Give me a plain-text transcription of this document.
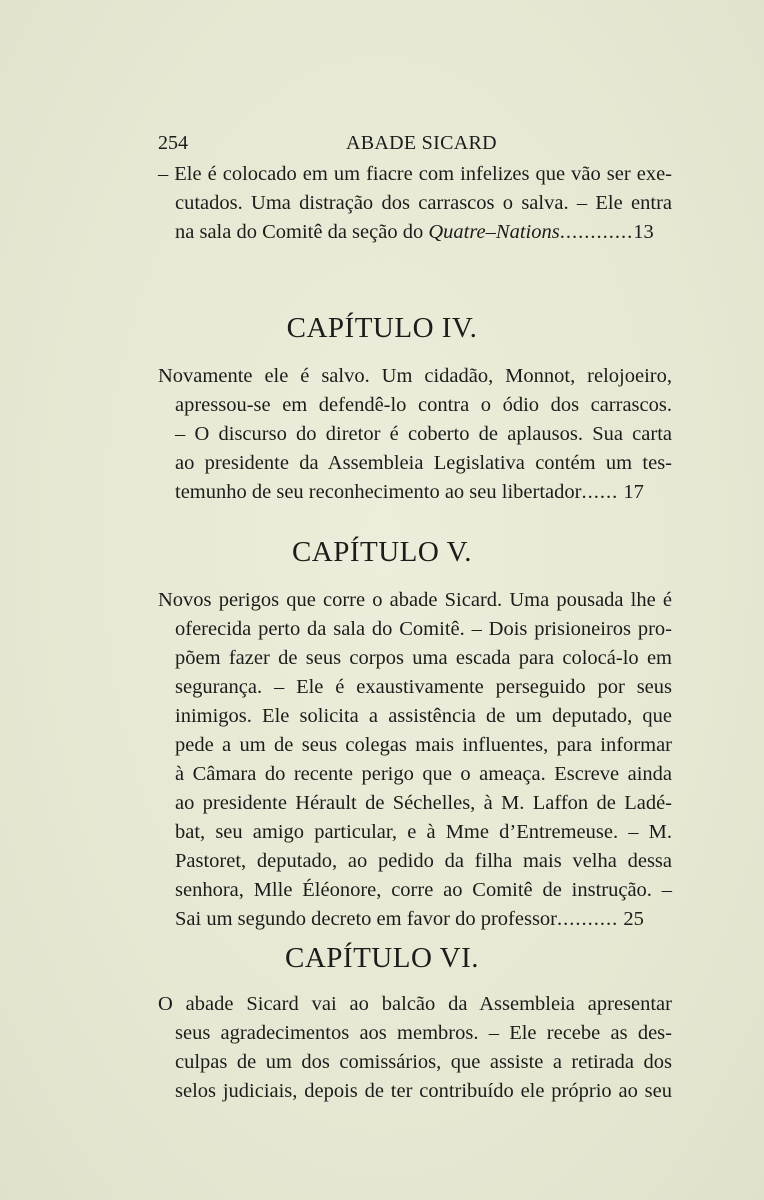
254	ABADE SICARD
– Ele é colocado em um fiacre com infelizes que vão ser exe-
cutados. Uma distração dos carrascos o salva. – Ele entra
na sala do Comitê da seção do Quatre–Nations............13
CAPÍTULO IV.
Novamente ele é salvo. Um cidadão, Monnot, relojoeiro,
apressou-se em defendê-lo contra o ódio dos carrascos.
– O discurso do diretor é coberto de aplausos. Sua carta
ao presidente da Assembleia Legislativa contém um tes-
temunho de seu reconhecimento ao seu libertador...... 17
CAPÍTULO V.
Novos perigos que corre o abade Sicard. Uma pousada lhe é
oferecida perto da sala do Comitê. – Dois prisioneiros pro-
põem fazer de seus corpos uma escada para colocá-lo em
segurança. – Ele é exaustivamente perseguido por seus
inimigos. Ele solicita a assistência de um deputado, que
pede a um de seus colegas mais influentes, para informar
à Câmara do recente perigo que o ameaça. Escreve ainda
ao presidente Hérault de Séchelles, à M. Laffon de Ladé-
bat, seu amigo particular, e à Mme d’Entremeuse. – M.
Pastoret, deputado, ao pedido da filha mais velha dessa
senhora, Mlle Éléonore, corre ao Comitê de instrução. –
Sai um segundo decreto em favor do professor.......... 25
CAPÍTULO VI.
O abade Sicard vai ao balcão da Assembleia apresentar
seus agradecimentos aos membros. – Ele recebe as des-
culpas de um dos comissários, que assiste a retirada dos
selos judiciais, depois de ter contribuído ele próprio ao seu
